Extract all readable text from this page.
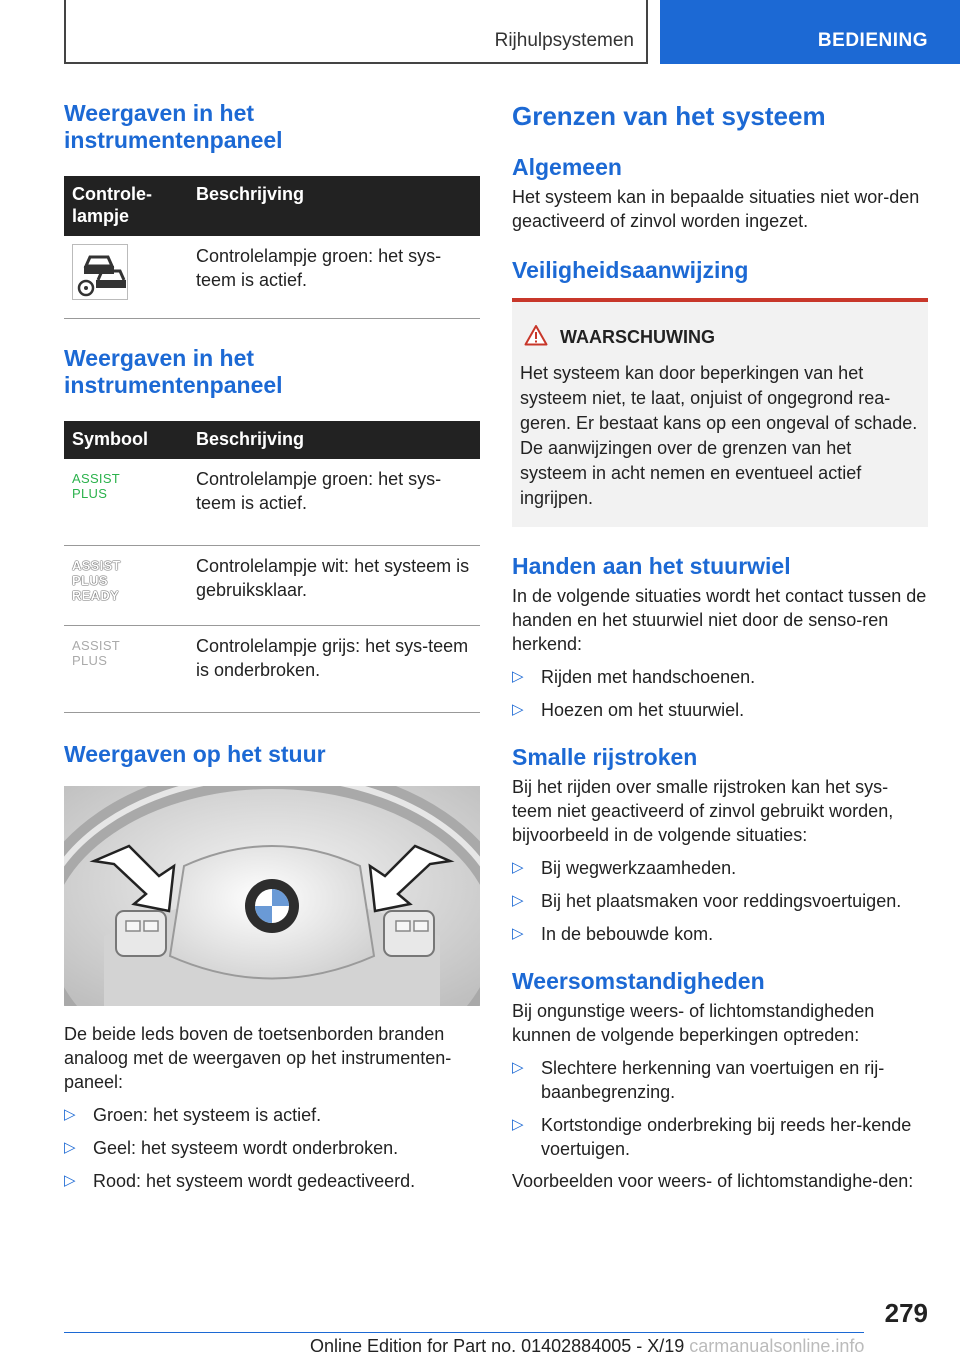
Rijhulpsystemen	BEDIENING
Weergaven in het instrumentenpaneel
Controle-lampje	Beschrijving
	Controlelampje groen: het sys-teem is actief.
Weergaven in het instrumentenpaneel
Symbool	Beschrijving

ASSIST
PLUS	Controlelampje groen: het sys-teem is actief.

ASSIST
PLUS
READY	Controlelampje wit: het systeem is gebruiksklaar.

ASSIST
PLUS	Controlelampje grijs: het sys-teem is onderbroken.
Weergaven op het stuur

De beide leds boven de toetsenborden branden analoog met de weergaven op het instrumenten-paneel:

▷ Groen: het systeem is actief.
▷ Geel: het systeem wordt onderbroken.
▷ Rood: het systeem wordt gedeactiveerd.
Grenzen van het systeem
Algemeen

Het systeem kan in bepaalde situaties niet wor-den geactiveerd of zinvol worden ingezet.

Veiligheidsaanwijzing
WAARSCHUWING

Het systeem kan door beperkingen van het systeem niet, te laat, onjuist of ongegrond rea-geren. Er bestaat kans op een ongeval of schade. De aanwijzingen over de grenzen van het systeem in acht nemen en eventueel actief ingrijpen.

Handen aan het stuurwiel

In de volgende situaties wordt het contact tussen de handen en het stuurwiel niet door de senso-ren herkend:

▷ Rijden met handschoenen.
▷ Hoezen om het stuurwiel.
Smalle rijstroken

Bij het rijden over smalle rijstroken kan het sys-teem niet geactiveerd of zinvol gebruikt worden, bijvoorbeeld in de volgende situaties:

▷ Bij wegwerkzaamheden.
▷ Bij het plaatsmaken voor reddingsvoertuigen.
▷ In de bebouwde kom.
Weersomstandigheden

Bij ongunstige weers- of lichtomstandigheden kunnen de volgende beperkingen optreden:

▷ Slechtere herkenning van voertuigen en rij-baanbegrenzing.
▷ Kortstondige onderbreking bij reeds her-kende voertuigen.

Voorbeelden voor weers- of lichtomstandighe-den:

279
Online Edition for Part no. 01402884005 - X/19 carmanualsonline.info
